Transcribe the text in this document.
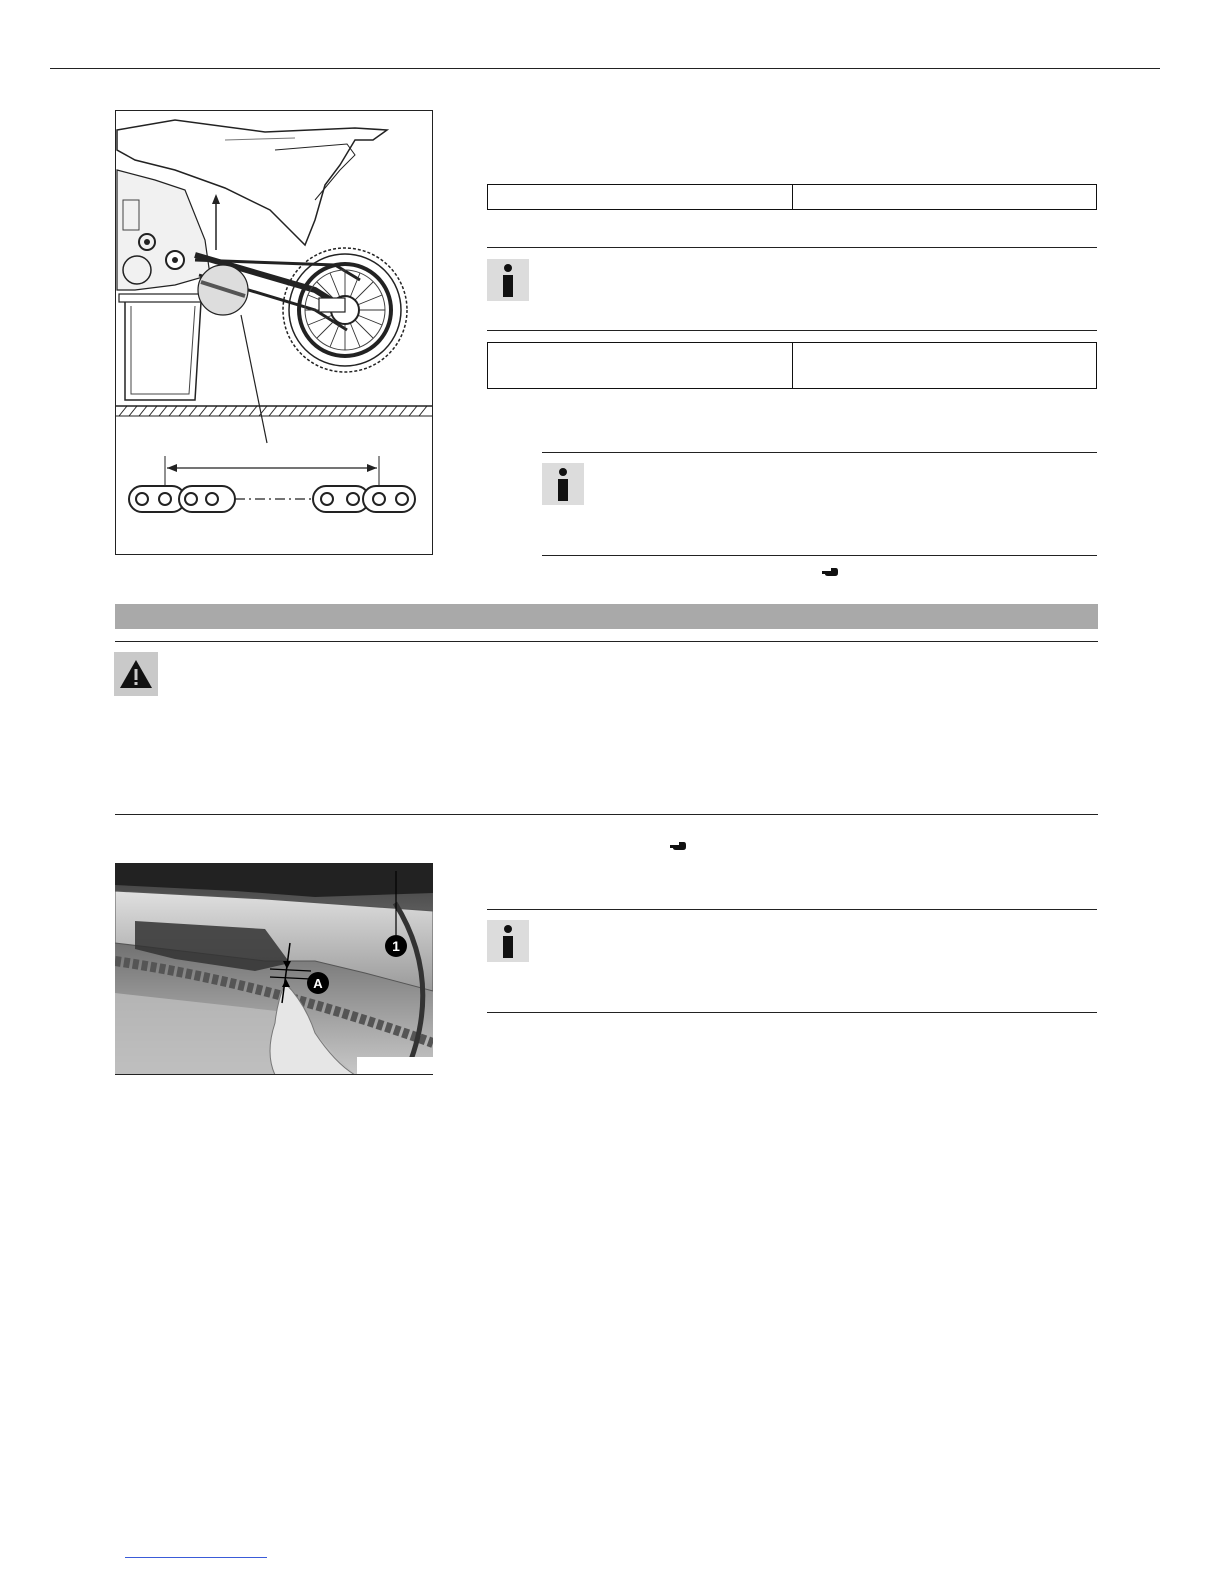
1
A
